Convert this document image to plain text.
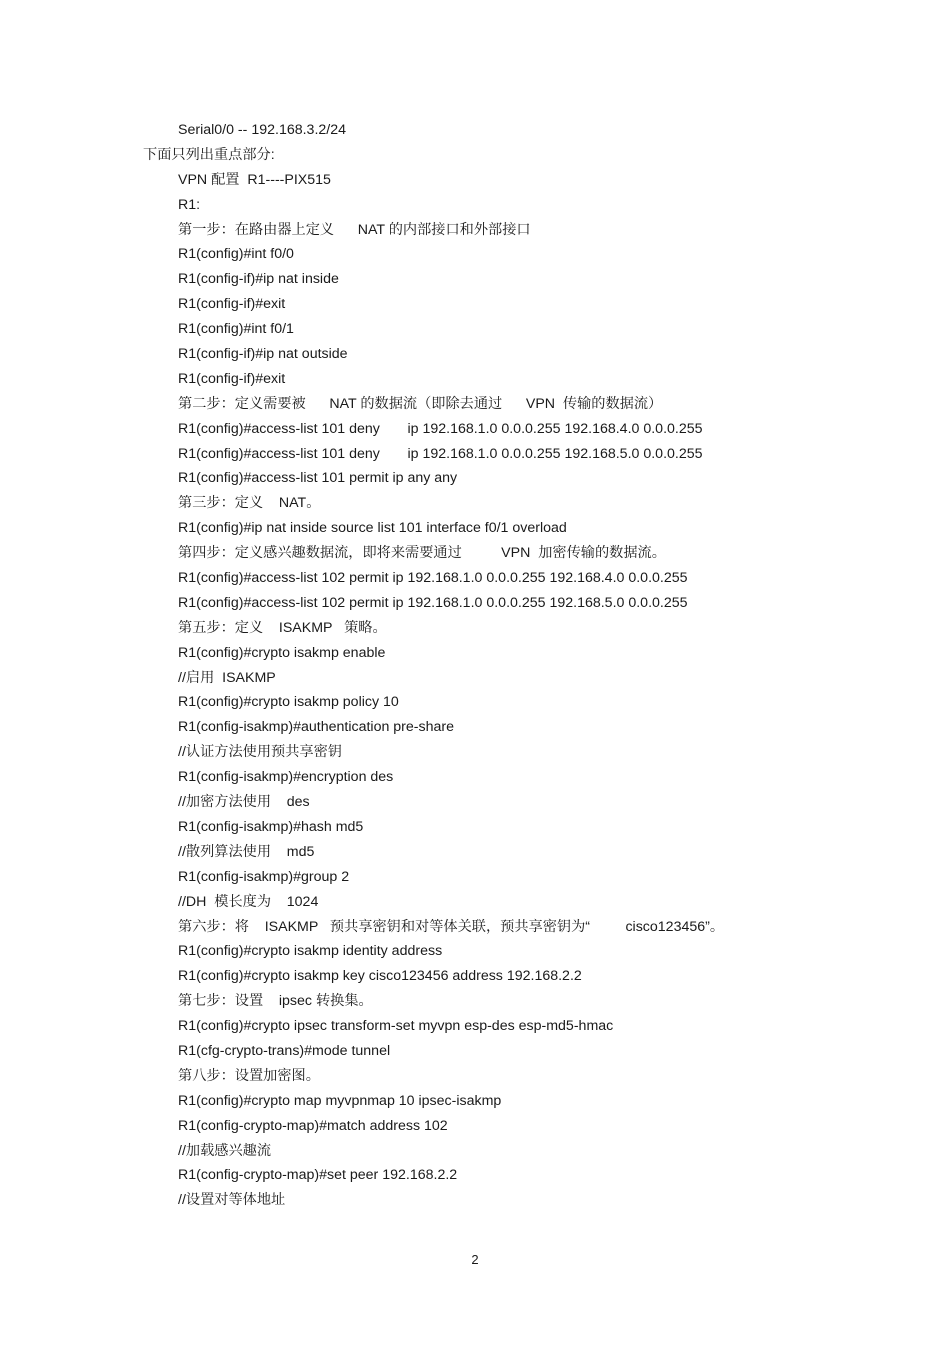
Serial0/0 -- 192.168.3.2/24
下面只列出重点部分:
VPN 配置  R1----PIX515
R1:
第一步：在路由器上定义      NAT 的内部接口和外部接口
R1(config)#int f0/0
R1(config-if)#ip nat inside
R1(config-if)#exit
R1(config)#int f0/1
R1(config-if)#ip nat outside
R1(config-if)#exit
第二步：定义需要被      NAT 的数据流（即除去通过      VPN  传输的数据流）
R1(config)#access-list 101 deny       ip 192.168.1.0 0.0.0.255 192.168.4.0 0.0.0.255
R1(config)#access-list 101 deny       ip 192.168.1.0 0.0.0.255 192.168.5.0 0.0.0.255
R1(config)#access-list 101 permit ip any any
第三步：定义    NAT。
R1(config)#ip nat inside source list 101 interface f0/1 overload
第四步：定义感兴趣数据流，即将来需要通过          VPN  加密传输的数据流。
R1(config)#access-list 102 permit ip 192.168.1.0 0.0.0.255 192.168.4.0 0.0.0.255
R1(config)#access-list 102 permit ip 192.168.1.0 0.0.0.255 192.168.5.0 0.0.0.255
第五步：定义    ISAKMP   策略。
R1(config)#crypto isakmp enable
//启用  ISAKMP
R1(config)#crypto isakmp policy 10
R1(config-isakmp)#authentication pre-share
//认证方法使用预共享密钥
R1(config-isakmp)#encryption des
//加密方法使用    des
R1(config-isakmp)#hash md5
//散列算法使用    md5
R1(config-isakmp)#group 2
//DH  模长度为    1024
第六步：将    ISAKMP   预共享密钥和对等体关联，预共享密钥为“         cisco123456”。
R1(config)#crypto isakmp identity address
R1(config)#crypto isakmp key cisco123456 address 192.168.2.2
第七步：设置    ipsec 转换集。
R1(config)#crypto ipsec transform-set myvpn esp-des esp-md5-hmac
R1(cfg-crypto-trans)#mode tunnel
第八步：设置加密图。
R1(config)#crypto map myvpnmap 10 ipsec-isakmp
R1(config-crypto-map)#match address 102
//加载感兴趣流
R1(config-crypto-map)#set peer 192.168.2.2
//设置对等体地址
2
